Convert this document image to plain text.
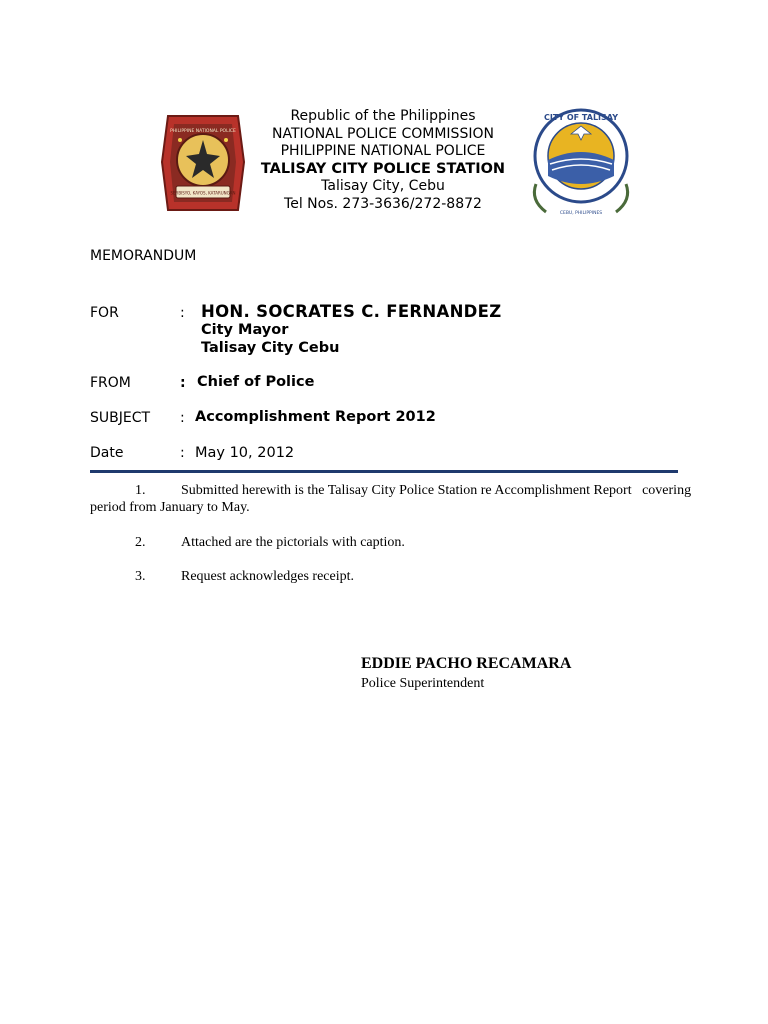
PHILIPPINE NATIONAL POLICE
SERBISYO, KAYOS, KATARUNGAN
Republic of the Philippines
NATIONAL POLICE COMMISSION
PHILIPPINE NATIONAL POLICE
TALISAY CITY POLICE STATION
Talisay City, Cebu
Tel Nos. 273-3636/272-8872
CITY OF TALISAY
CEBU, PHILIPPINES
MEMORANDUM
FOR	: HON. SOCRATES C. FERNANDEZ
City Mayor
Talisay City Cebu
FROM	: Chief of Police
SUBJECT : Accomplishment Report 2012
Date	: May 10, 2012
1.	Submitted herewith is the Talisay City Police Station re Accomplishment Report   covering
period from January to May.
2.	Attached are the pictorials with caption.
3.	Request acknowledges receipt.
EDDIE PACHO RECAMARA
Police Superintendent
